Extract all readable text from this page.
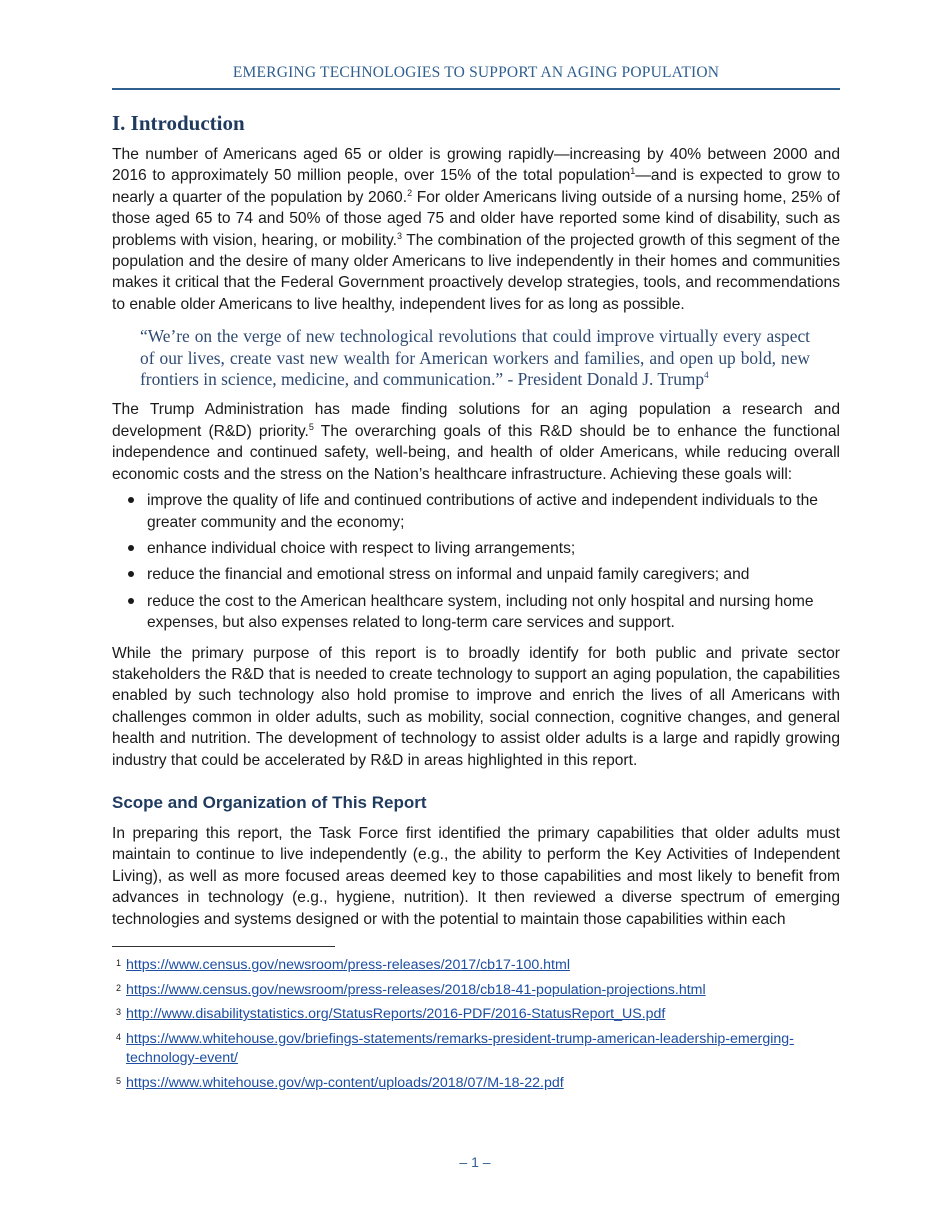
EMERGING TECHNOLOGIES TO SUPPORT AN AGING POPULATION
I. Introduction

The number of Americans aged 65 or older is growing rapidly—increasing by 40% between 2000 and 2016 to approximately 50 million people, over 15% of the total population$^1$—and is expected to grow to nearly a quarter of the population by 2060.$^2$ For older Americans living outside of a nursing home, 25% of those aged 65 to 74 and 50% of those aged 75 and older have reported some kind of disability, such as problems with vision, hearing, or mobility.$^3$ The combination of the projected growth of this segment of the population and the desire of many older Americans to live independently in their homes and communities makes it critical that the Federal Government proactively develop strategies, tools, and recommendations to enable older Americans to live healthy, independent lives for as long as possible.

“We’re on the verge of new technological revolutions that could improve virtually every aspect of our lives, create vast new wealth for American workers and families, and open up bold, new frontiers in science, medicine, and communication.” - President Donald J. Trump$^4$

The Trump Administration has made finding solutions for an aging population a research and development (R&D) priority.$^5$ The overarching goals of this R&D should be to enhance the functional independence and continued safety, well-being, and health of older Americans, while reducing overall economic costs and the stress on the Nation’s healthcare infrastructure. Achieving these goals will:

improve the quality of life and continued contributions of active and independent individuals to the greater community and the economy;
enhance individual choice with respect to living arrangements;
reduce the financial and emotional stress on informal and unpaid family caregivers; and
reduce the cost to the American healthcare system, including not only hospital and nursing home expenses, but also expenses related to long-term care services and support.

While the primary purpose of this report is to broadly identify for both public and private sector stakeholders the R&D that is needed to create technology to support an aging population, the capabilities enabled by such technology also hold promise to improve and enrich the lives of all Americans with challenges common in older adults, such as mobility, social connection, cognitive changes, and general health and nutrition. The development of technology to assist older adults is a large and rapidly growing industry that could be accelerated by R&D in areas highlighted in this report.

Scope and Organization of This Report

In preparing this report, the Task Force first identified the primary capabilities that older adults must maintain to continue to live independently (e.g., the ability to perform the Key Activities of Independent Living), as well as more focused areas deemed key to those capabilities and most likely to benefit from advances in technology (e.g., hygiene, nutrition). It then reviewed a diverse spectrum of emerging technologies and systems designed or with the potential to maintain those capabilities within each

1 https://www.census.gov/newsroom/press-releases/2017/cb17-100.html
2 https://www.census.gov/newsroom/press-releases/2018/cb18-41-population-projections.html
3 http://www.disabilitystatistics.org/StatusReports/2016-PDF/2016-StatusReport_US.pdf
4 https://www.whitehouse.gov/briefings-statements/remarks-president-trump-american-leadership-emerging-technology-event/
5 https://www.whitehouse.gov/wp-content/uploads/2018/07/M-18-22.pdf
– 1 –
